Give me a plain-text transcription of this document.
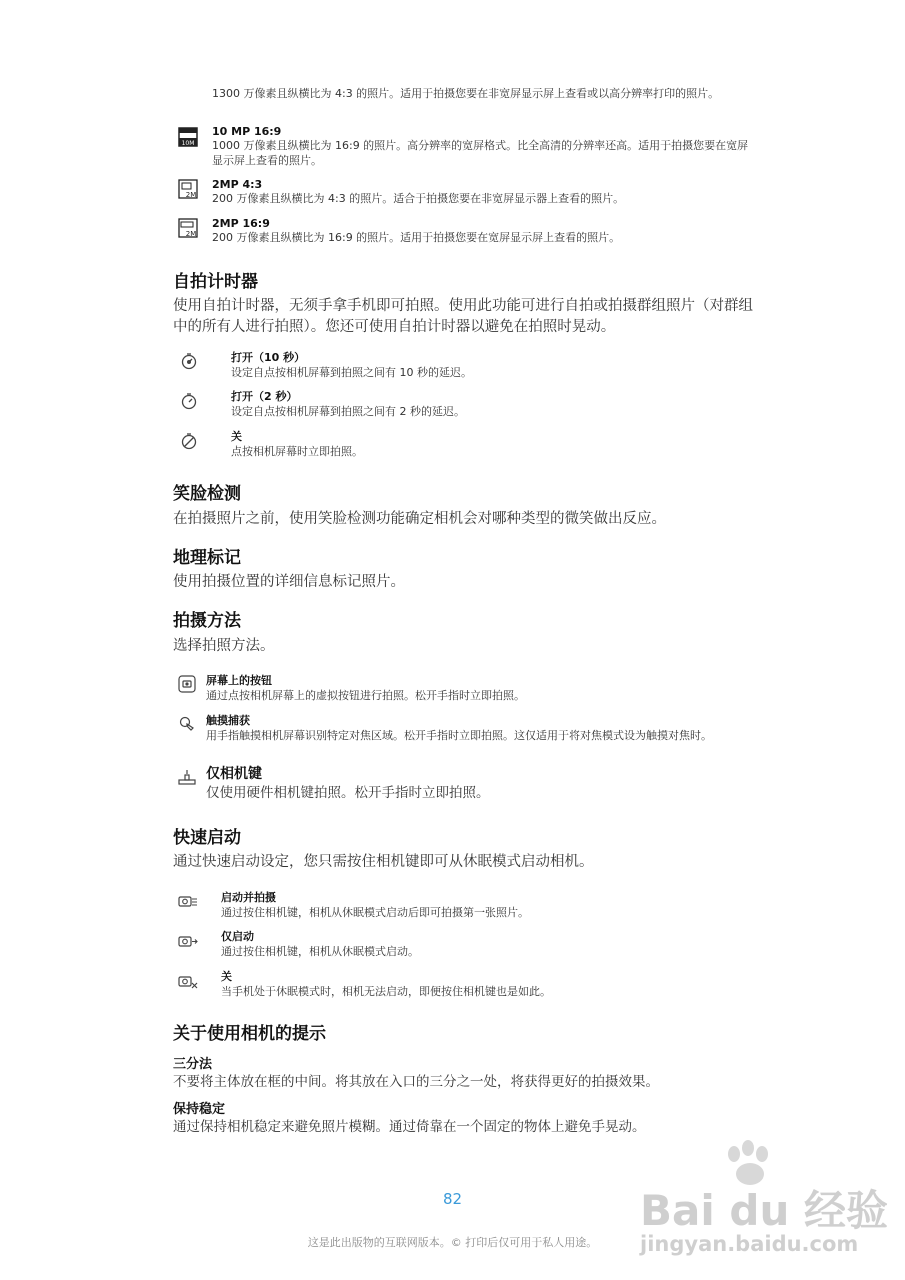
1300 万像素且纵横比为 4:3 的照片。适用于拍摄您要在非宽屏显示屏上查看或以高分辨率打印的照片。
10M
10 MP 16:9
1000 万像素且纵横比为 16:9 的照片。高分辨率的宽屏格式。比全高清的分辨率还高。适用于拍摄您要在宽屏显示屏上查看的照片。
2M
2MP 4:3
200 万像素且纵横比为 4:3 的照片。适合于拍摄您要在非宽屏显示器上查看的照片。
2M
2MP 16:9
200 万像素且纵横比为 16:9 的照片。适用于拍摄您要在宽屏显示屏上查看的照片。
自拍计时器
使用自拍计时器，无须手拿手机即可拍照。使用此功能可进行自拍或拍摄群组照片（对群组中的所有人进行拍照）。您还可使用自拍计时器以避免在拍照时晃动。
打开（10 秒）
设定自点按相机屏幕到拍照之间有 10 秒的延迟。
打开（2 秒）
设定自点按相机屏幕到拍照之间有 2 秒的延迟。
关
点按相机屏幕时立即拍照。
笑脸检测
在拍摄照片之前，使用笑脸检测功能确定相机会对哪种类型的微笑做出反应。
地理标记
使用拍摄位置的详细信息标记照片。
拍摄方法
选择拍照方法。
屏幕上的按钮
通过点按相机屏幕上的虚拟按钮进行拍照。松开手指时立即拍照。
触摸捕获
用手指触摸相机屏幕识别特定对焦区域。松开手指时立即拍照。这仅适用于将对焦模式设为触摸对焦时。
仅相机键
仅使用硬件相机键拍照。松开手指时立即拍照。
快速启动
通过快速启动设定，您只需按住相机键即可从休眠模式启动相机。
启动并拍摄
通过按住相机键，相机从休眠模式启动后即可拍摄第一张照片。
仅启动
通过按住相机键，相机从休眠模式启动。
关
当手机处于休眠模式时，相机无法启动，即便按住相机键也是如此。
关于使用相机的提示
三分法
不要将主体放在框的中间。将其放在入口的三分之一处，将获得更好的拍摄效果。
保持稳定
通过保持相机稳定来避免照片模糊。通过倚靠在一个固定的物体上避免手晃动。
82
这是此出版物的互联网版本。© 打印后仅可用于私人用途。
Bai du 经验
jingyan.baidu.com
